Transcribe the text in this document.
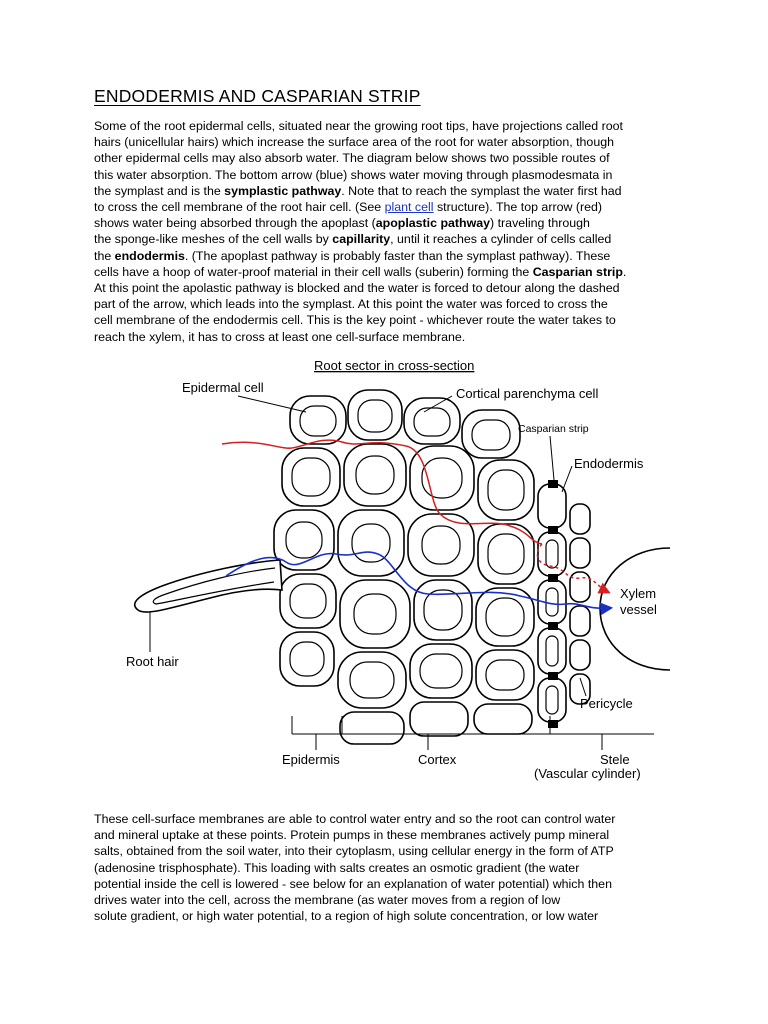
ENDODERMIS AND CASPARIAN STRIP

Some of the root epidermal cells, situated near the growing root tips, have projections called root

hairs (unicellular hairs) which increase the surface area of the root for water absorption, though

other epidermal cells may also absorb water. The diagram below shows two possible routes of

this water absorption. The bottom arrow (blue) shows water moving through plasmodesmata in

the symplast and is the symplastic pathway. Note that to reach the symplast the water first had

to cross the cell membrane of the root hair cell. (See plant cell structure). The top arrow (red)

shows water being absorbed through the apoplast (apoplastic pathway) traveling through

the sponge-like meshes of the cell walls by capillarity, until it reaches a cylinder of cells called

the endodermis. (The apoplast pathway is probably faster than the symplast pathway). These

cells have a hoop of water-proof material in their cell walls (suberin) forming the Casparian strip.

At this point the apolastic pathway is blocked and the water is forced to detour along the dashed

part of the arrow, which leads into the symplast. At this point the water was forced to cross the

cell membrane of the endodermis cell. This is the key point - whichever route the water takes to

reach the xylem, it has to cross at least one cell-surface membrane.

Root sector in cross-section
Epidermal cell	Cortical parenchyma cell
Casparian strip
Endodermis
Xylem
vessel
Root hair
Pericycle
Epidermis	Cortex	Stele
(Vascular cylinder)

These cell-surface membranes are able to control water entry and so the root can control water

and mineral uptake at these points. Protein pumps in these membranes actively pump mineral

salts, obtained from the soil water, into their cytoplasm, using cellular energy in the form of ATP

(adenosine trisphosphate). This loading with salts creates an osmotic gradient (the water

potential inside the cell is lowered - see below for an explanation of water potential) which then

drives water into the cell, across the membrane (as water moves from a region of low

solute gradient, or high water potential, to a region of high solute concentration, or low water
